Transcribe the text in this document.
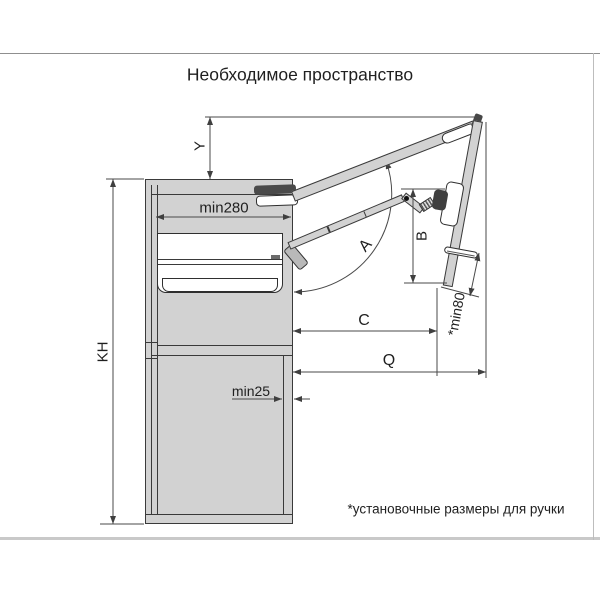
Необходимое пространство
Y
KH
min280
A
B
C
Q
min25
*min80
*установочные размеры для ручки
